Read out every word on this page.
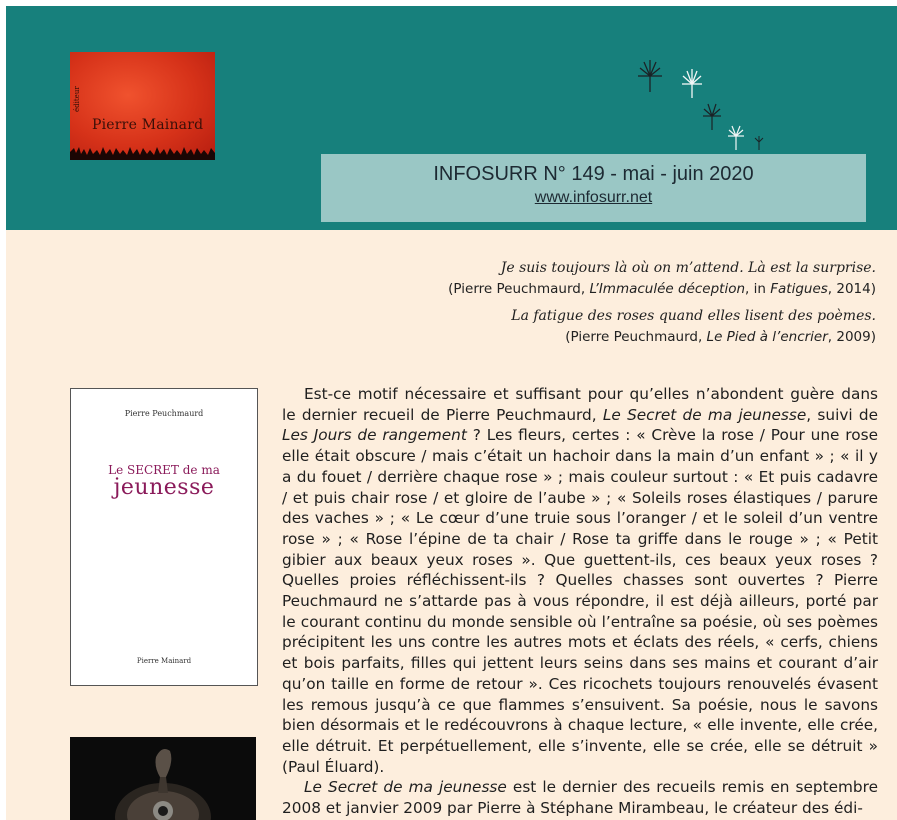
éditeur
Pierre Mainard
INFOSURR N° 149 - mai - juin 2020
www.infosurr.net
Je suis toujours là où on m’attend. Là est la surprise.
(Pierre Peuchmaurd, L’Immaculée déception, in Fatigues, 2014)
La fatigue des roses quand elles lisent des poèmes.
(Pierre Peuchmaurd, Le Pied à l’encrier, 2009)
Pierre Peuchmaurd
Le SECRET de ma
jeunesse
Pierre Mainard

Est-ce motif nécessaire et suffisant pour qu’elles n’abondent guère dans le dernier recueil de Pierre Peuchmaurd, Le Secret de ma jeunesse, suivi de Les Jours de rangement ? Les fleurs, certes : « Crève la rose / Pour une rose elle était obscure / mais c’était un hachoir dans la main d’un enfant » ; « il y a du fouet / derrière chaque rose » ; mais couleur surtout : « Et puis cadavre / et puis chair rose / et gloire de l’aube » ; « Soleils roses élastiques / parure des vaches » ; « Le cœur d’une truie sous l’oranger / et le soleil d’un ventre rose » ; « Rose l’épine de ta chair / Rose ta griffe dans le rouge » ; « Petit gibier aux beaux yeux roses ». Que guettent-ils, ces beaux yeux roses ? Quelles proies réfléchissent-ils ? Quelles chasses sont ouvertes ? Pierre Peuchmaurd ne s’attarde pas à vous répondre, il est déjà ailleurs, porté par le courant continu du monde sensible où l’entraîne sa poésie, où ses poèmes précipitent les uns contre les autres mots et éclats des réels, « cerfs, chiens et bois parfaits, filles qui jettent leurs seins dans ses mains et courant d’air qu’on taille en forme de retour ». Ces ricochets toujours renouvelés évasent les remous jusqu’à ce que flammes s’ensuivent. Sa poésie, nous le savons bien désormais et le redécouvrons à chaque lecture, « elle invente, elle crée, elle détruit. Et perpétuellement, elle s’invente, elle se crée, elle se détruit » (Paul Éluard).

Le Secret de ma jeunesse est le dernier des recueils remis en septembre 2008 et janvier 2009 par Pierre à Stéphane Mirambeau, le créateur des édi-
